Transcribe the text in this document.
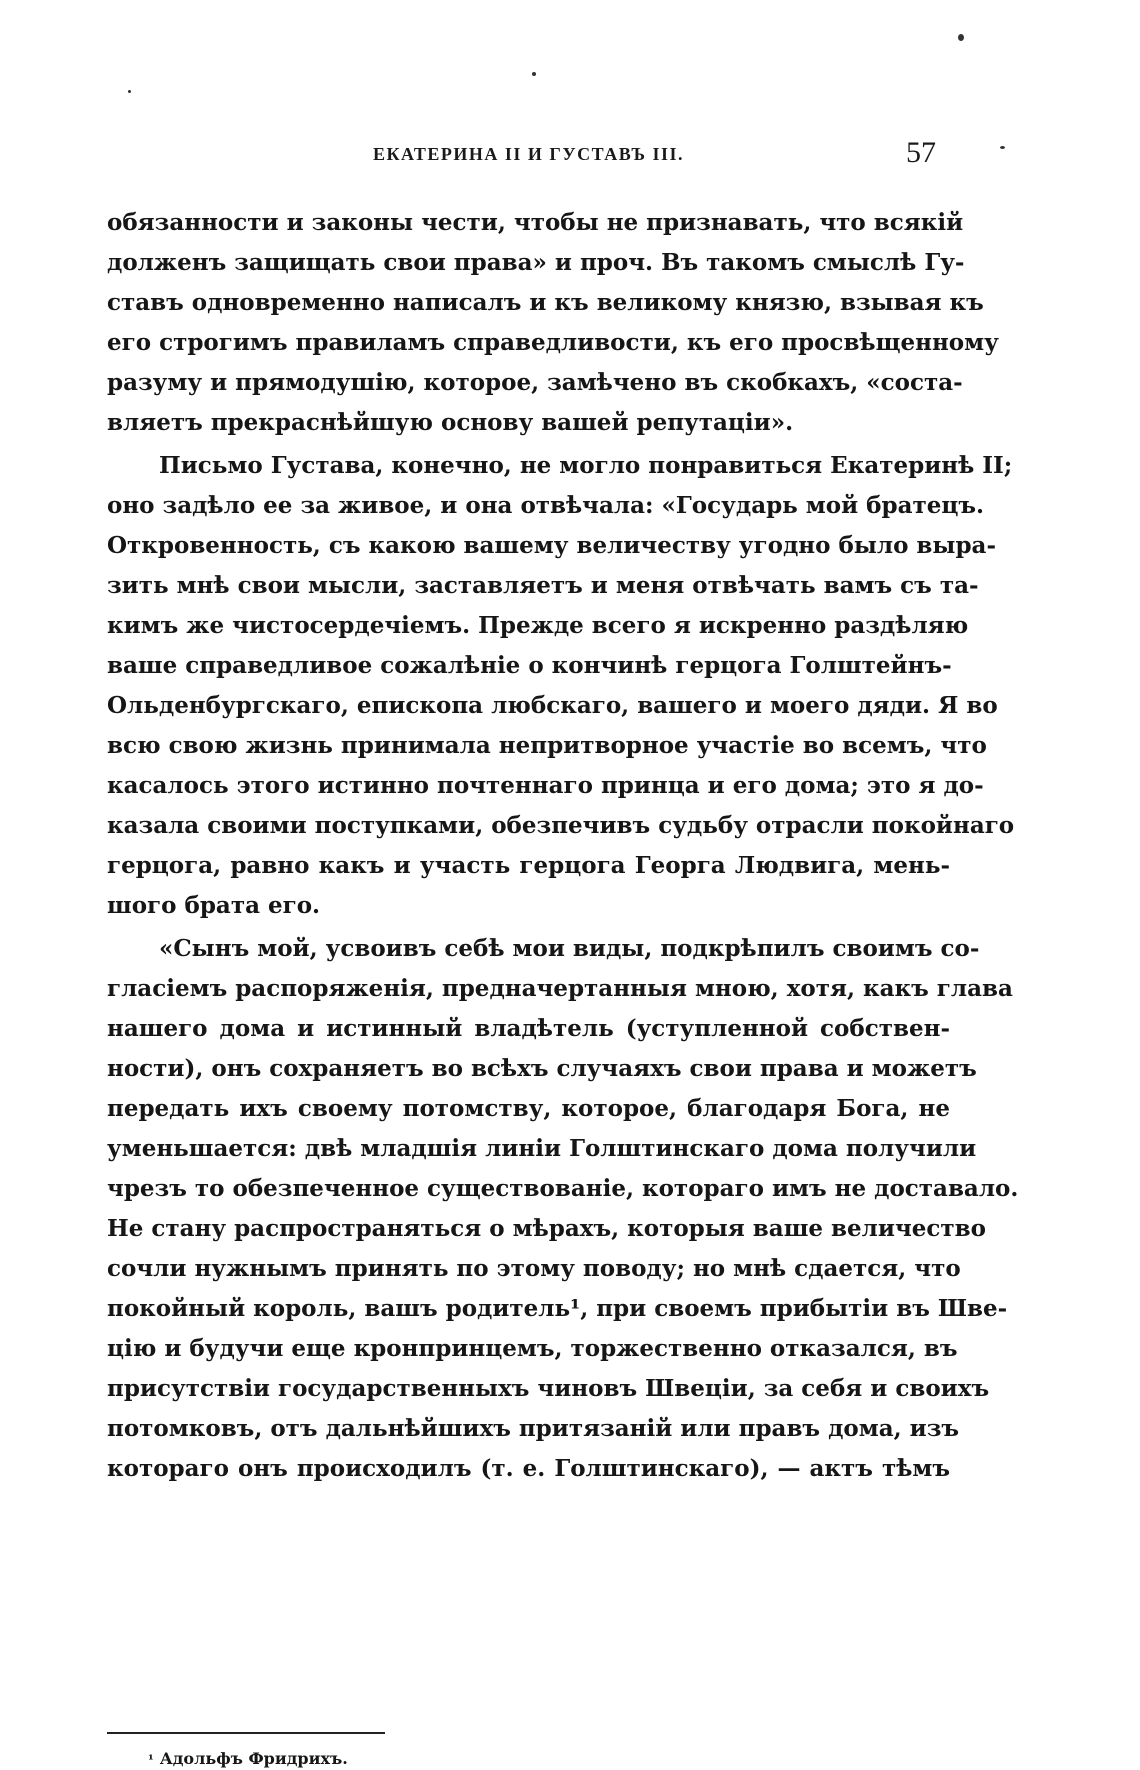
ЕКАТЕРИНА II И ГУСТАВЪ III.	57
обязанности и законы чести, чтобы не признавать, что всякій
долженъ защищать свои права» и проч. Въ такомъ смыслѣ Гу-
ставъ одновременно написалъ и къ великому князю, взывая къ
его строгимъ правиламъ справедливости, къ его просвѣщенному
разуму и прямодушію, которое, замѣчено въ скобкахъ, «соста-
вляетъ прекраснѣйшую основу вашей репутаціи».
Письмо Густава, конечно, не могло понравиться Екатеринѣ II;
оно задѣло ее за живое, и она отвѣчала: «Государь мой братецъ.
Откровенность, съ какою вашему величеству угодно было выра-
зить мнѣ свои мысли, заставляетъ и меня отвѣчать вамъ съ та-
кимъ же чистосердечіемъ. Прежде всего я искренно раздѣляю
ваше справедливое сожалѣніе о кончинѣ герцога Голштейнъ-
Ольденбургскаго, епископа любскаго, вашего и моего дяди. Я во
всю свою жизнь принимала непритворное участіе во всемъ, что
касалось этого истинно почтеннаго принца и его дома; это я до-
казала своими поступками, обезпечивъ судьбу отрасли покойнаго
герцога, равно какъ и участь герцога Георга Людвига, мень-
шого брата его.
«Сынъ мой, усвоивъ себѣ мои виды, подкрѣпилъ своимъ со-
гласіемъ распоряженія, предначертанныя мною, хотя, какъ глава
нашего дома и истинный владѣтель (уступленной собствен-
ности), онъ сохраняетъ во всѣхъ случаяхъ свои права и можетъ
передать ихъ своему потомству, которое, благодаря Бога, не
уменьшается: двѣ младшія линіи Голштинскаго дома получили
чрезъ то обезпеченное существованіе, котораго имъ не доставало.
Не стану распространяться о мѣрахъ, которыя ваше величество
сочли нужнымъ принять по этому поводу; но мнѣ сдается, что
покойный король, вашъ родитель¹, при своемъ прибытіи въ Шве-
цію и будучи еще кронпринцемъ, торжественно отказался, въ
присутствіи государственныхъ чиновъ Швеціи, за себя и своихъ
потомковъ, отъ дальнѣйшихъ притязаній или правъ дома, изъ
котораго онъ происходилъ (т. е. Голштинскаго), — актъ тѣмъ
¹ Адольфъ Фридрихъ.
